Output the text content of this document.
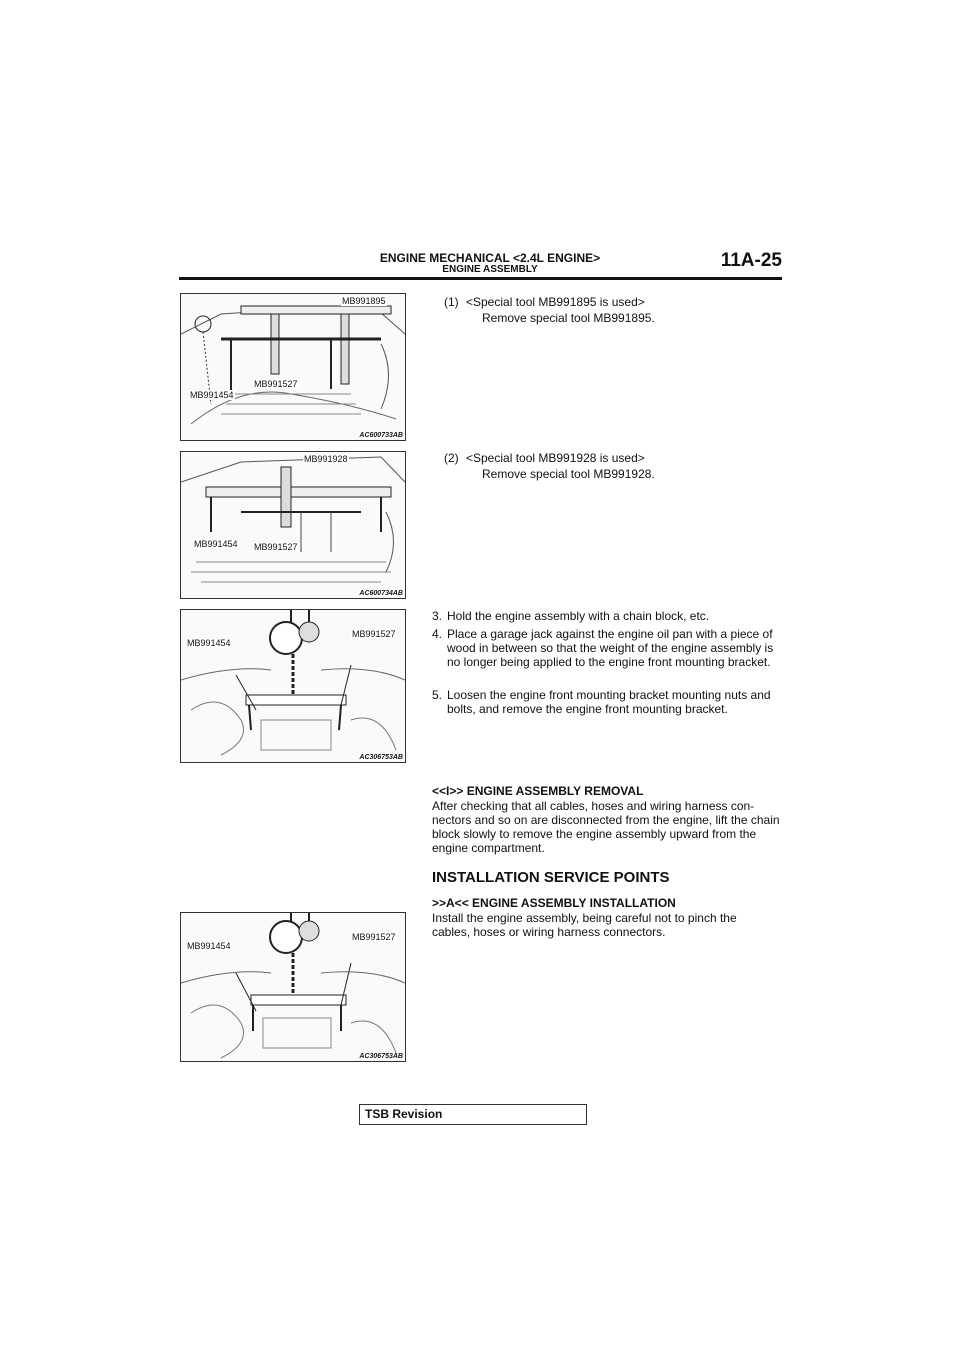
ENGINE MECHANICAL <2.4L ENGINE>
ENGINE ASSEMBLY	11A-25
MB991895
MB991527
MB991454
AC600733AB
MB991928
MB991454 MB991527
AC600734AB
MB991454
MB991527
AC306753AB
MB991454
MB991527
AC306753AB
(1) <Special tool MB991895 is used>
Remove special tool MB991895.
(2) <Special tool MB991928 is used>
Remove special tool MB991928.
3. Hold the engine assembly with a chain block, etc.
4. Place a garage jack against the engine oil pan with a piece of wood in between so that the weight of the engine assembly is no longer being applied to the engine front mounting bracket.
5. Loosen the engine front mounting bracket mounting nuts and bolts, and remove the engine front mounting bracket.
<<I>> ENGINE ASSEMBLY REMOVAL
After checking that all cables, hoses and wiring harness con-nectors and so on are disconnected from the engine, lift the chain block slowly to remove the engine assembly upward from the engine compartment.
INSTALLATION SERVICE POINTS
>>A<< ENGINE ASSEMBLY INSTALLATION
Install the engine assembly, being careful not to pinch the cables, hoses or wiring harness connectors.
TSB Revision
